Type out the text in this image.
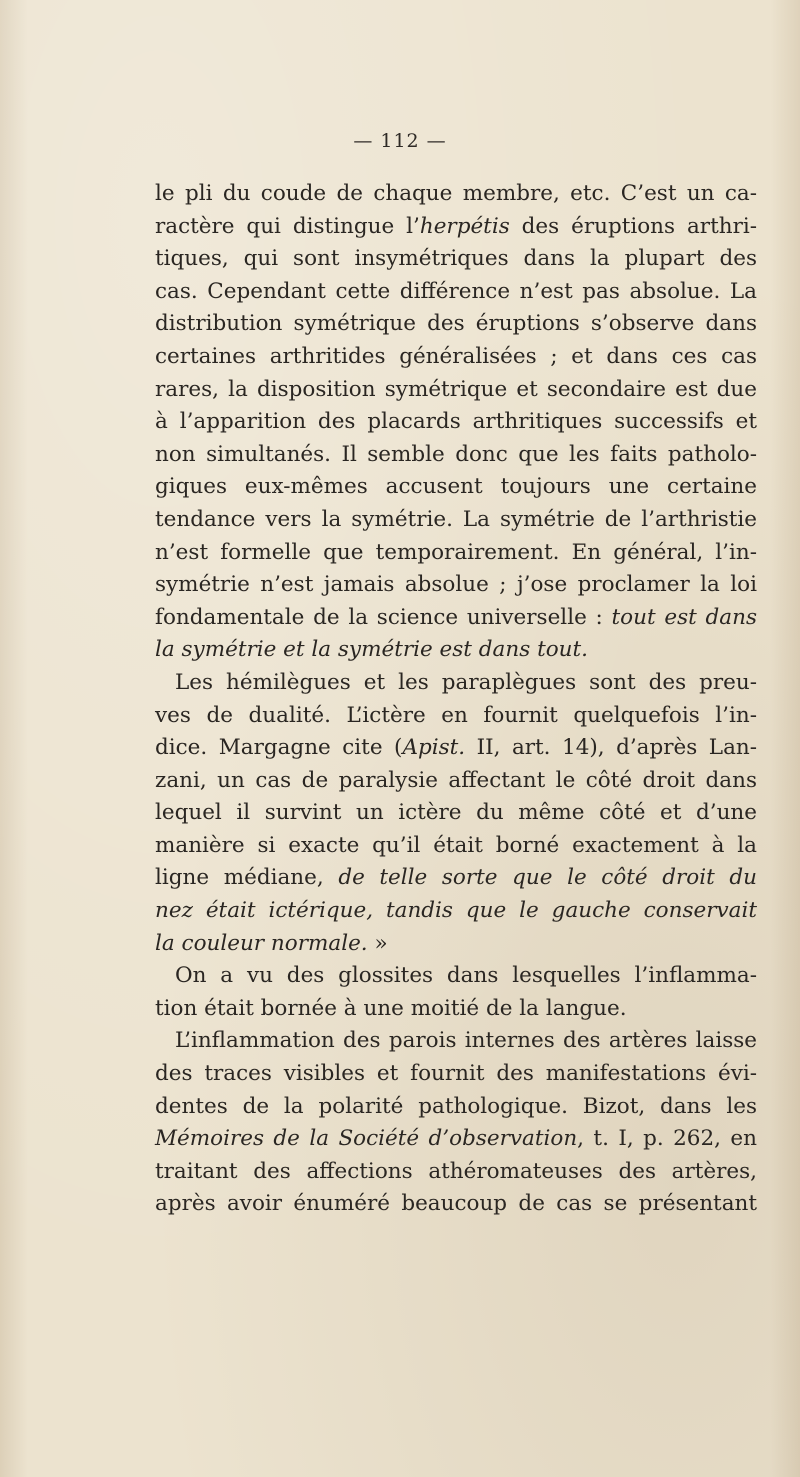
— 112 —
le pli du coude de chaque membre, etc. C’est un ca-
ractère qui distingue l’herpétis des éruptions arthri-
tiques, qui sont insymétriques dans la plupart des
cas. Cependant cette différence n’est pas absolue. La
distribution symétrique des éruptions s’observe dans
certaines arthritides généralisées ; et dans ces cas
rares, la disposition symétrique et secondaire est due
à l’apparition des placards arthritiques successifs et
non simultanés. Il semble donc que les faits patholo-
giques eux-mêmes accusent toujours une certaine
tendance vers la symétrie. La symétrie de l’arthristie
n’est formelle que temporairement. En général, l’in-
symétrie n’est jamais absolue ; j’ose proclamer la loi
fondamentale de la science universelle : tout est dans
la symétrie et la symétrie est dans tout.
Les hémilègues et les paraplègues sont des preu-
ves de dualité. L’ictère en fournit quelquefois l’in-
dice. Margagne cite (Apist. II, art. 14), d’après Lan-
zani, un cas de paralysie affectant le côté droit dans
lequel il survint un ictère du même côté et d’une
manière si exacte qu’il était borné exactement à la
ligne médiane, de telle sorte que le côté droit du
nez était ictérique, tandis que le gauche conservait
la couleur normale. »
On a vu des glossites dans lesquelles l’inflamma-
tion était bornée à une moitié de la langue.
L’inflammation des parois internes des artères laisse
des traces visibles et fournit des manifestations évi-
dentes de la polarité pathologique. Bizot, dans les
Mémoires de la Société d’observation, t. I, p. 262, en
traitant des affections athéromateuses des artères,
après avoir énuméré beaucoup de cas se présentant
